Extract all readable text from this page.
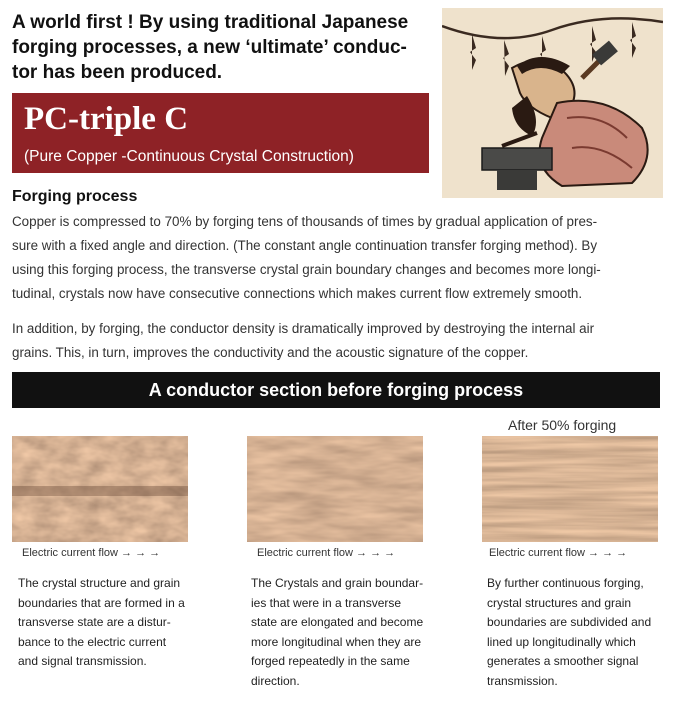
A world first ! By using traditional Japanese
forging processes, a new ‘ultimate’ conduc-
tor has been produced.
PC-triple C
(Pure Copper -Continuous Crystal Construction)
Forging process
Copper is compressed to 70% by forging tens of thousands of times by gradual application of pres-
sure with a fixed angle and direction. (The constant angle continuation transfer forging method). By
using this forging process, the transverse crystal grain boundary changes and becomes more longi-
tudinal, crystals now have consecutive connections which makes current flow extremely smooth.
In addition, by forging, the conductor density is dramatically improved by destroying the internal air
grains. This, in turn, improves the conductivity and the acoustic signature of the copper.
A conductor section before forging process
After 50% forging
Electric current flow → → →	Electric current flow → → →	Electric current flow → → →
The crystal structure and grain
boundaries that are formed in a
transverse state are a distur-
bance to the electric current
and signal transmission.
The Crystals and grain boundar-
ies that were in a transverse
state are elongated and become
more longitudinal when they are
forged repeatedly in the same
direction.
By further continuous forging,
crystal structures and grain
boundaries are subdivided and
lined up longitudinally which
generates a smoother signal
transmission.
